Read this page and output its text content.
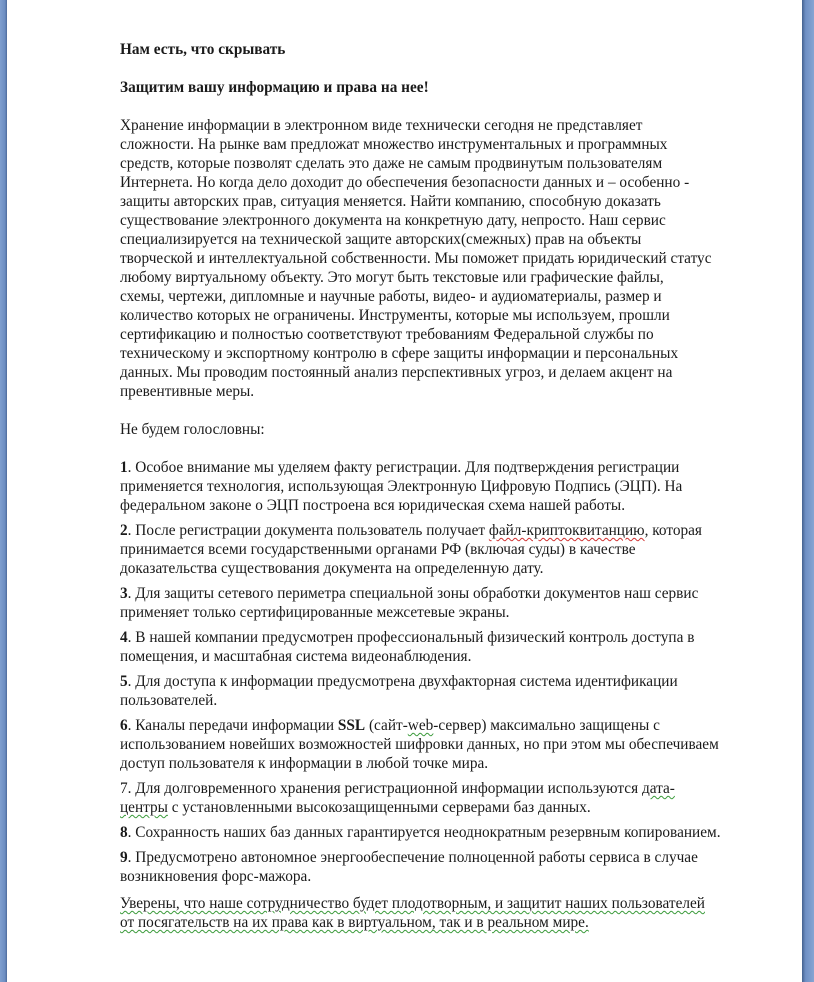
Нам есть, что скрывать
Защитим вашу информацию и права на нее!
Хранение информации в электронном виде технически сегодня не представляет
сложности. На рынке вам предложат множество инструментальных и программных
средств, которые позволят сделать это даже не самым продвинутым пользователям
Интернета. Но когда дело доходит до обеспечения безопасности данных и – особенно -
защиты авторских прав, ситуация меняется. Найти компанию, способную доказать
существование электронного документа на конкретную дату, непросто. Наш сервис
специализируется на технической защите авторских(смежных) прав на объекты
творческой и интеллектуальной собственности. Мы поможет придать юридический статус
любому виртуальному объекту. Это могут быть текстовые или графические файлы,
схемы, чертежи, дипломные и научные работы, видео- и аудиоматериалы, размер и
количество которых не ограничены. Инструменты, которые мы используем, прошли
сертификацию и полностью соответствуют требованиям Федеральной службы по
техническому и экспортному контролю в сфере защиты информации и персональных
данных. Мы проводим постоянный анализ перспективных угроз, и делаем акцент на
превентивные меры.
Не будем голословны:
1. Особое внимание мы уделяем факту регистрации. Для подтверждения регистрации
применяется технология, использующая Электронную Цифровую Подпись (ЭЦП). На
федеральном законе о ЭЦП построена вся юридическая схема нашей работы.
2. После регистрации документа пользователь получает файл-криптоквитанцию, которая
принимается всеми государственными органами РФ (включая суды) в качестве
доказательства существования документа на определенную дату.
3. Для защиты сетевого периметра специальной зоны обработки документов наш сервис
применяет только сертифицированные межсетевые экраны.
4. В нашей компании предусмотрен профессиональный физический контроль доступа в
помещения, и масштабная система видеонаблюдения.
5. Для доступа к информации предусмотрена двухфакторная система идентификации
пользователей.
6. Каналы передачи информации SSL (сайт-web-сервер) максимально защищены с
использованием новейших возможностей шифровки данных, но при этом мы обеспечиваем
доступ пользователя к информации в любой точке мира.
7. Для долговременного хранения регистрационной информации используются дата-
центры с установленными высокозащищенными серверами баз данных.
8. Сохранность наших баз данных гарантируется неоднократным резервным копированием.
9. Предусмотрено автономное энергообеспечение полноценной работы сервиса в случае
возникновения форс-мажора.
Уверены, что наше сотрудничество будет плодотворным, и защитит наших пользователей
от посягательств на их права как в виртуальном, так и в реальном мире.
